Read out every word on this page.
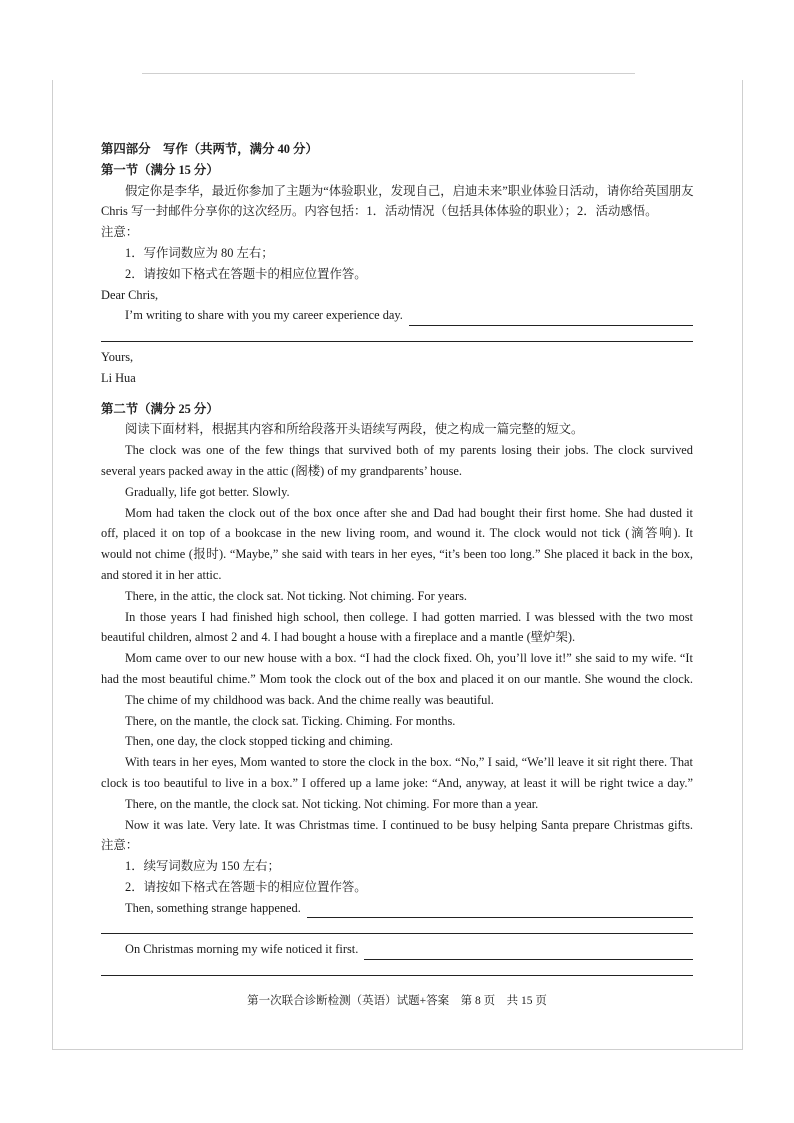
第四部分　写作（共两节，满分 40 分）
第一节（满分 15 分）
假定你是李华，最近你参加了主题为“体验职业，发现自己，启迪未来”职业体验日活动，请你给英国朋友
Chris 写一封邮件分享你的这次经历。内容包括：1．活动情况（包括具体体验的职业）；2．活动感悟。
注意：
1．写作词数应为 80 左右；
2．请按如下格式在答题卡的相应位置作答。
Dear Chris,
I’m writing to share with you my career experience day.
Yours,
Li Hua
第二节（满分 25 分）
阅读下面材料，根据其内容和所给段落开头语续写两段，使之构成一篇完整的短文。
The clock was one of the few things that survived both of my parents losing their jobs. The clock survived
several years packed away in the attic (阁楼) of my grandparents’ house.
Gradually, life got better. Slowly.
Mom had taken the clock out of the box once after she and Dad had bought their first home. She had dusted it
off, placed it on top of a bookcase in the new living room, and wound it. The clock would not tick (滴答响). It
would not chime (报时). “Maybe,” she said with tears in her eyes, “it’s been too long.” She placed it back in the box,
and stored it in her attic.
There, in the attic, the clock sat. Not ticking. Not chiming. For years.
In those years I had finished high school, then college. I had gotten married. I was blessed with the two most
beautiful children, almost 2 and 4. I had bought a house with a fireplace and a mantle (壁炉架).
Mom came over to our new house with a box. “I had the clock fixed. Oh, you’ll love it!” she said to my wife. “It
had the most beautiful chime.” Mom took the clock out of the box and placed it on our mantle. She wound the clock.
The chime of my childhood was back. And the chime really was beautiful.
There, on the mantle, the clock sat. Ticking. Chiming. For months.
Then, one day, the clock stopped ticking and chiming.
With tears in her eyes, Mom wanted to store the clock in the box. “No,” I said, “We’ll leave it sit right there. That
clock is too beautiful to live in a box.” I offered up a lame joke: “And, anyway, at least it will be right twice a day.”
There, on the mantle, the clock sat. Not ticking. Not chiming. For more than a year.
Now it was late. Very late. It was Christmas time. I continued to be busy helping Santa prepare Christmas gifts.
注意：
1．续写词数应为 150 左右；
2．请按如下格式在答题卡的相应位置作答。
Then, something strange happened.
On Christmas morning my wife noticed it first.
第一次联合诊断检测（英语）试题+答案　第 8 页　共 15 页
